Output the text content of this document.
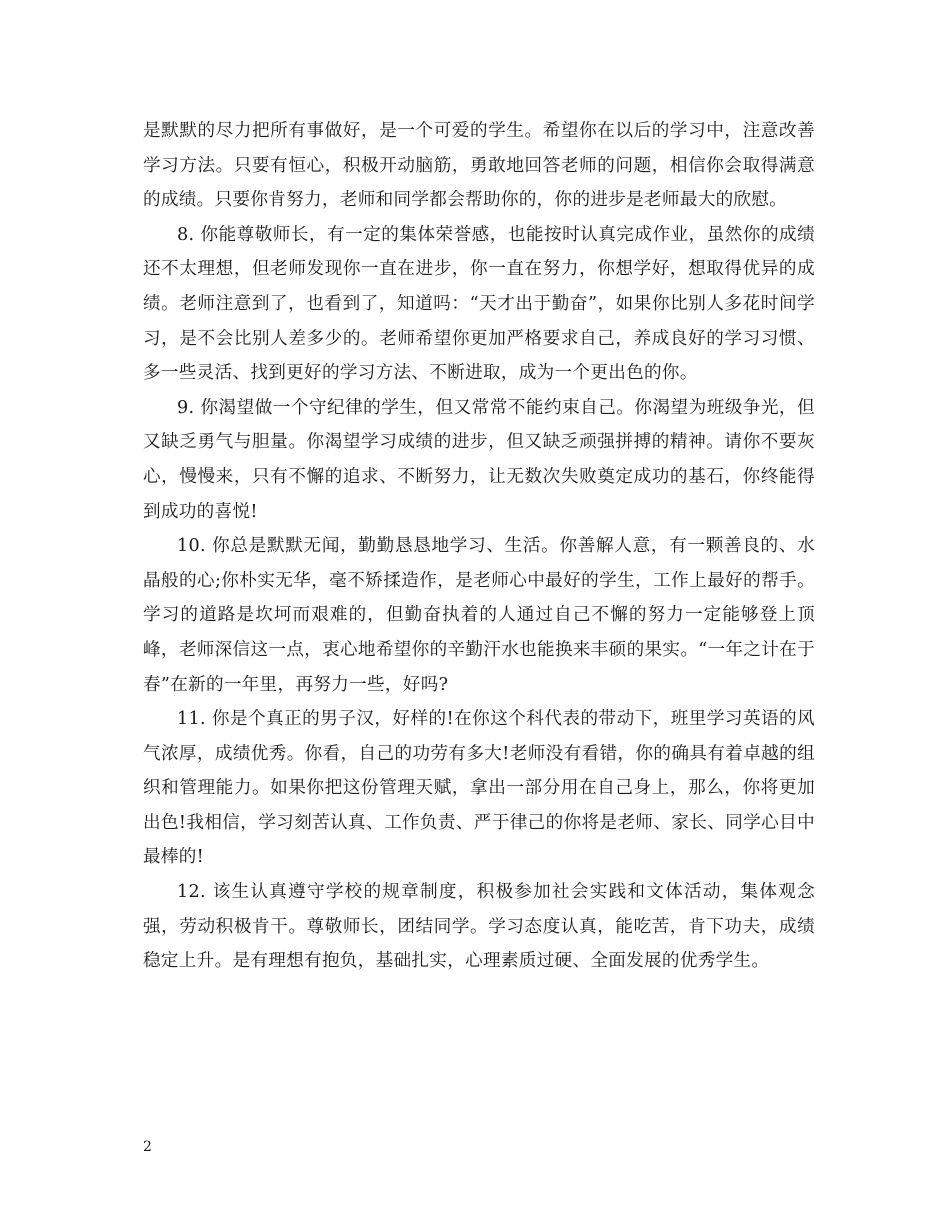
是默默的尽力把所有事做好，是一个可爱的学生。希望你在以后的学习中，注意改善学习方法。只要有恒心，积极开动脑筋，勇敢地回答老师的问题，相信你会取得满意的成绩。只要你肯努力，老师和同学都会帮助你的，你的进步是老师最大的欣慰。

8. 你能尊敬师长，有一定的集体荣誉感，也能按时认真完成作业，虽然你的成绩还不太理想，但老师发现你一直在进步，你一直在努力，你想学好，想取得优异的成绩。老师注意到了，也看到了，知道吗：“天才出于勤奋”，如果你比别人多花时间学习，是不会比别人差多少的。老师希望你更加严格要求自己，养成良好的学习习惯、多一些灵活、找到更好的学习方法、不断进取，成为一个更出色的你。

9. 你渴望做一个守纪律的学生，但又常常不能约束自己。你渴望为班级争光，但又缺乏勇气与胆量。你渴望学习成绩的进步，但又缺乏顽强拼搏的精神。请你不要灰心，慢慢来，只有不懈的追求、不断努力，让无数次失败奠定成功的基石，你终能得到成功的喜悦!

10. 你总是默默无闻，勤勤恳恳地学习、生活。你善解人意，有一颗善良的、水晶般的心;你朴实无华，毫不矫揉造作，是老师心中最好的学生，工作上最好的帮手。学习的道路是坎坷而艰难的，但勤奋执着的人通过自己不懈的努力一定能够登上顶峰，老师深信这一点，衷心地希望你的辛勤汗水也能换来丰硕的果实。“一年之计在于春”在新的一年里，再努力一些，好吗?

11. 你是个真正的男子汉，好样的!在你这个科代表的带动下，班里学习英语的风气浓厚，成绩优秀。你看，自己的功劳有多大!老师没有看错，你的确具有着卓越的组织和管理能力。如果你把这份管理天赋，拿出一部分用在自己身上，那么，你将更加出色!我相信，学习刻苦认真、工作负责、严于律己的你将是老师、家长、同学心目中最棒的!

12. 该生认真遵守学校的规章制度，积极参加社会实践和文体活动，集体观念强，劳动积极肯干。尊敬师长，团结同学。学习态度认真，能吃苦，肯下功夫，成绩稳定上升。是有理想有抱负，基础扎实，心理素质过硬、全面发展的优秀学生。

2
